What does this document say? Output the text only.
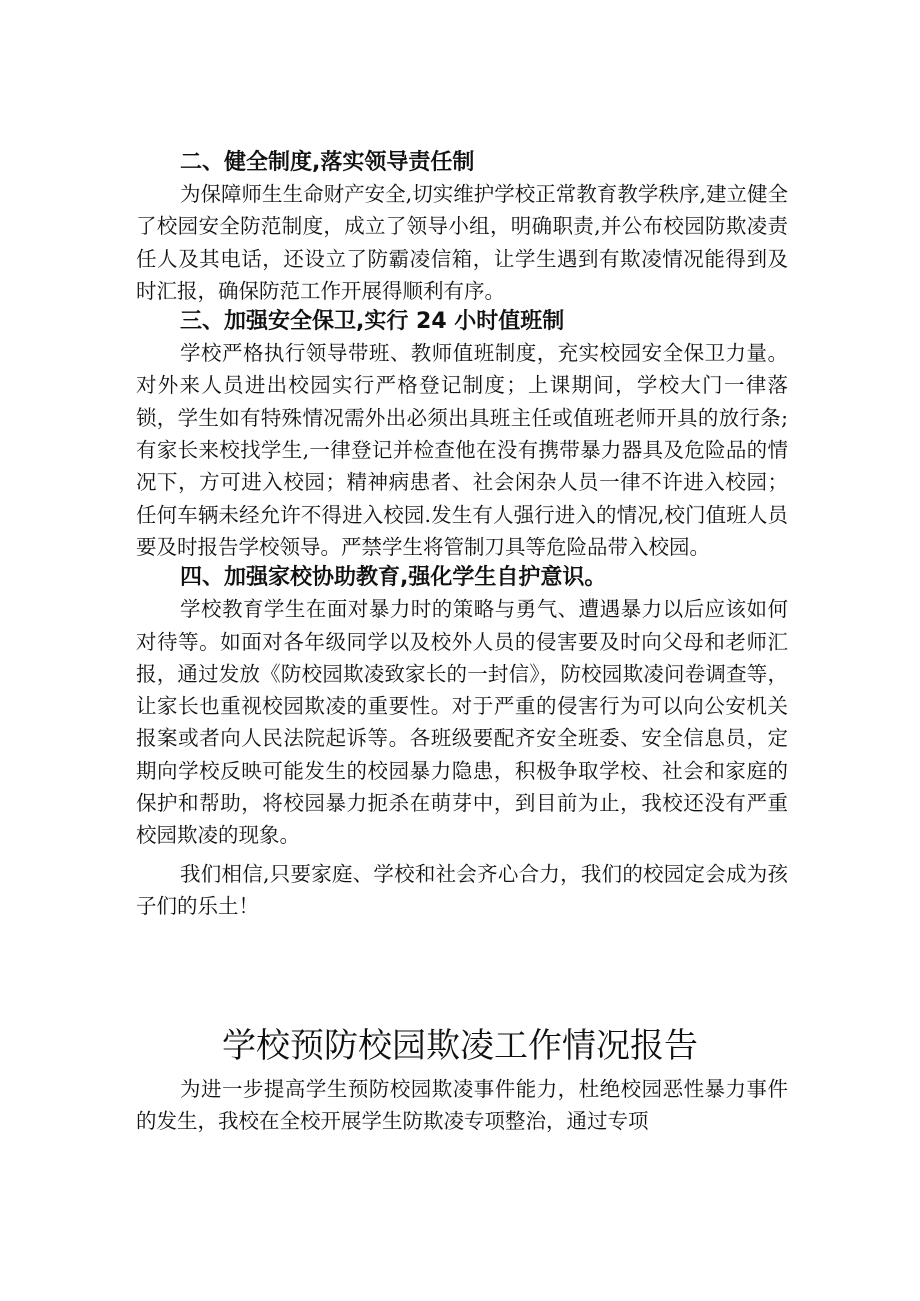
二、健全制度,落实领导责任制

为保障师生生命财产安全,切实维护学校正常教育教学秩序,建立健全了校园安全防范制度，成立了领导小组，明确职责,并公布校园防欺凌责任人及其电话，还设立了防霸凌信箱，让学生遇到有欺凌情况能得到及时汇报，确保防范工作开展得顺利有序。

三、加强安全保卫,实行 24 小时值班制

学校严格执行领导带班、教师值班制度，充实校园安全保卫力量。对外来人员进出校园实行严格登记制度；上课期间，学校大门一律落锁，学生如有特殊情况需外出必须出具班主任或值班老师开具的放行条;有家长来校找学生,一律登记并检查他在没有携带暴力器具及危险品的情况下，方可进入校园；精神病患者、社会闲杂人员一律不许进入校园；任何车辆未经允许不得进入校园.发生有人强行进入的情况,校门值班人员要及时报告学校领导。严禁学生将管制刀具等危险品带入校园。

四、加强家校协助教育,强化学生自护意识。

学校教育学生在面对暴力时的策略与勇气、遭遇暴力以后应该如何对待等。如面对各年级同学以及校外人员的侵害要及时向父母和老师汇报，通过发放《防校园欺凌致家长的一封信》，防校园欺凌问卷调查等，让家长也重视校园欺凌的重要性。对于严重的侵害行为可以向公安机关报案或者向人民法院起诉等。各班级要配齐安全班委、安全信息员，定期向学校反映可能发生的校园暴力隐患，积极争取学校、社会和家庭的保护和帮助，将校园暴力扼杀在萌芽中，到目前为止，我校还没有严重校园欺凌的现象。

我们相信,只要家庭、学校和社会齐心合力，我们的校园定会成为孩子们的乐土！

学校预防校园欺凌工作情况报告

为进一步提高学生预防校园欺凌事件能力，杜绝校园恶性暴力事件的发生，我校在全校开展学生防欺凌专项整治，通过专项
